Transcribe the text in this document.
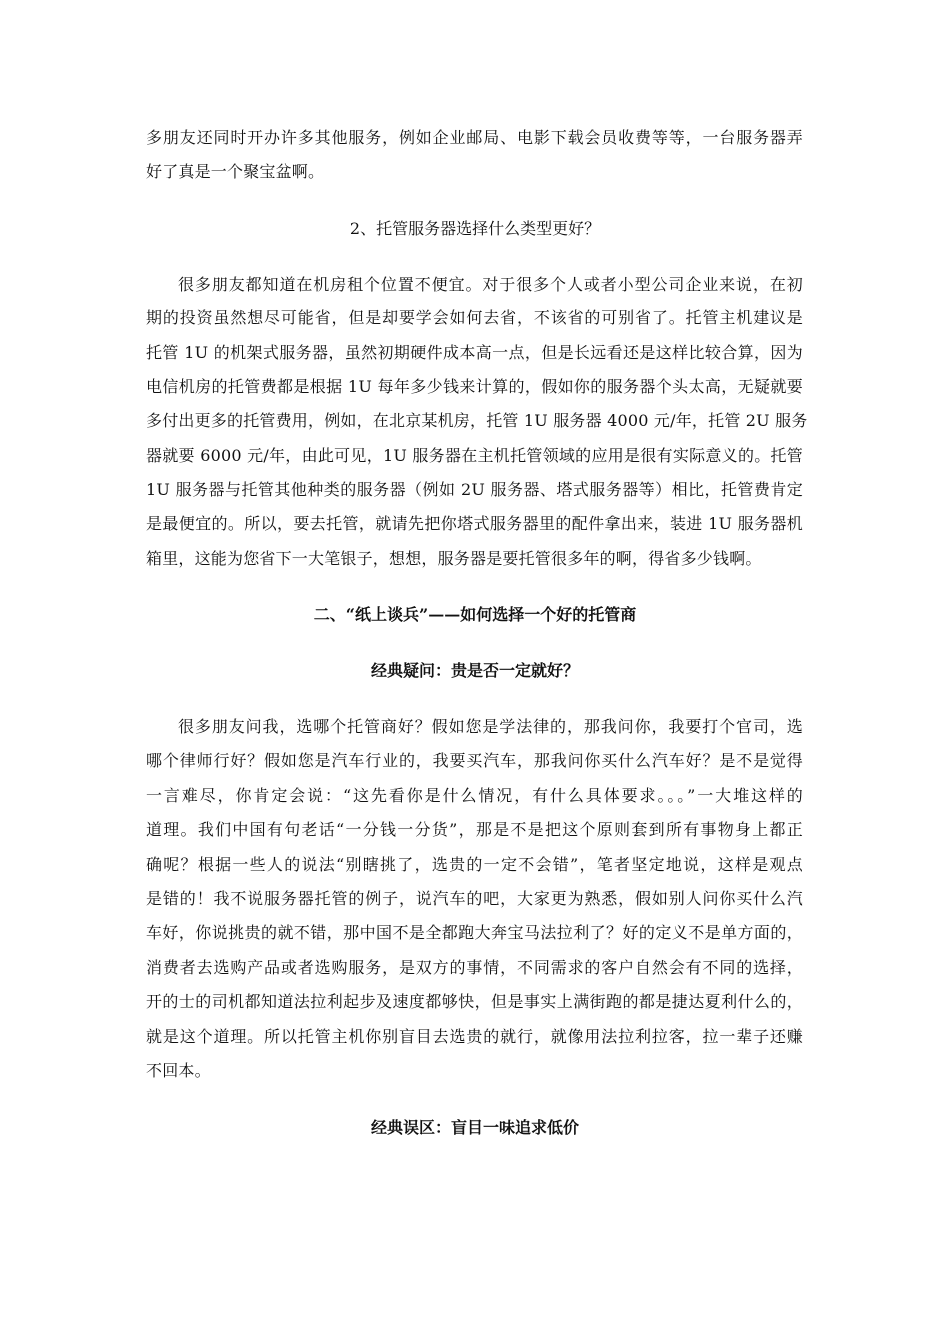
多朋友还同时开办许多其他服务，例如企业邮局、电影下载会员收费等等，一台服务器弄
好了真是一个聚宝盆啊。
2、托管服务器选择什么类型更好？
很多朋友都知道在机房租个位置不便宜。对于很多个人或者小型公司企业来说，在初
期的投资虽然想尽可能省，但是却要学会如何去省，不该省的可别省了。托管主机建议是
托管 1U 的机架式服务器，虽然初期硬件成本高一点，但是长远看还是这样比较合算，因为
电信机房的托管费都是根据 1U 每年多少钱来计算的，假如你的服务器个头太高，无疑就要
多付出更多的托管费用，例如，在北京某机房，托管 1U 服务器 4000 元/年，托管 2U 服务
器就要 6000 元/年，由此可见，1U 服务器在主机托管领域的应用是很有实际意义的。托管
1U 服务器与托管其他种类的服务器（例如 2U 服务器、塔式服务器等）相比，托管费肯定
是最便宜的。所以，要去托管，就请先把你塔式服务器里的配件拿出来，装进 1U 服务器机
箱里，这能为您省下一大笔银子，想想，服务器是要托管很多年的啊，得省多少钱啊。
二、“纸上谈兵”——如何选择一个好的托管商
经典疑问：贵是否一定就好？
很多朋友问我，选哪个托管商好？假如您是学法律的，那我问你，我要打个官司，选
哪个律师行好？假如您是汽车行业的，我要买汽车，那我问你买什么汽车好？是不是觉得
一言难尽，你肯定会说：“这先看你是什么情况，有什么具体要求。。。”一大堆这样的
道理。我们中国有句老话“一分钱一分货”，那是不是把这个原则套到所有事物身上都正
确呢？根据一些人的说法“别瞎挑了，选贵的一定不会错”，笔者坚定地说，这样是观点
是错的！我不说服务器托管的例子，说汽车的吧，大家更为熟悉，假如别人问你买什么汽
车好，你说挑贵的就不错，那中国不是全都跑大奔宝马法拉利了？好的定义不是单方面的，
消费者去选购产品或者选购服务，是双方的事情，不同需求的客户自然会有不同的选择，
开的士的司机都知道法拉利起步及速度都够快，但是事实上满街跑的都是捷达夏利什么的，
就是这个道理。所以托管主机你别盲目去选贵的就行，就像用法拉利拉客，拉一辈子还赚
不回本。
经典误区：盲目一味追求低价
